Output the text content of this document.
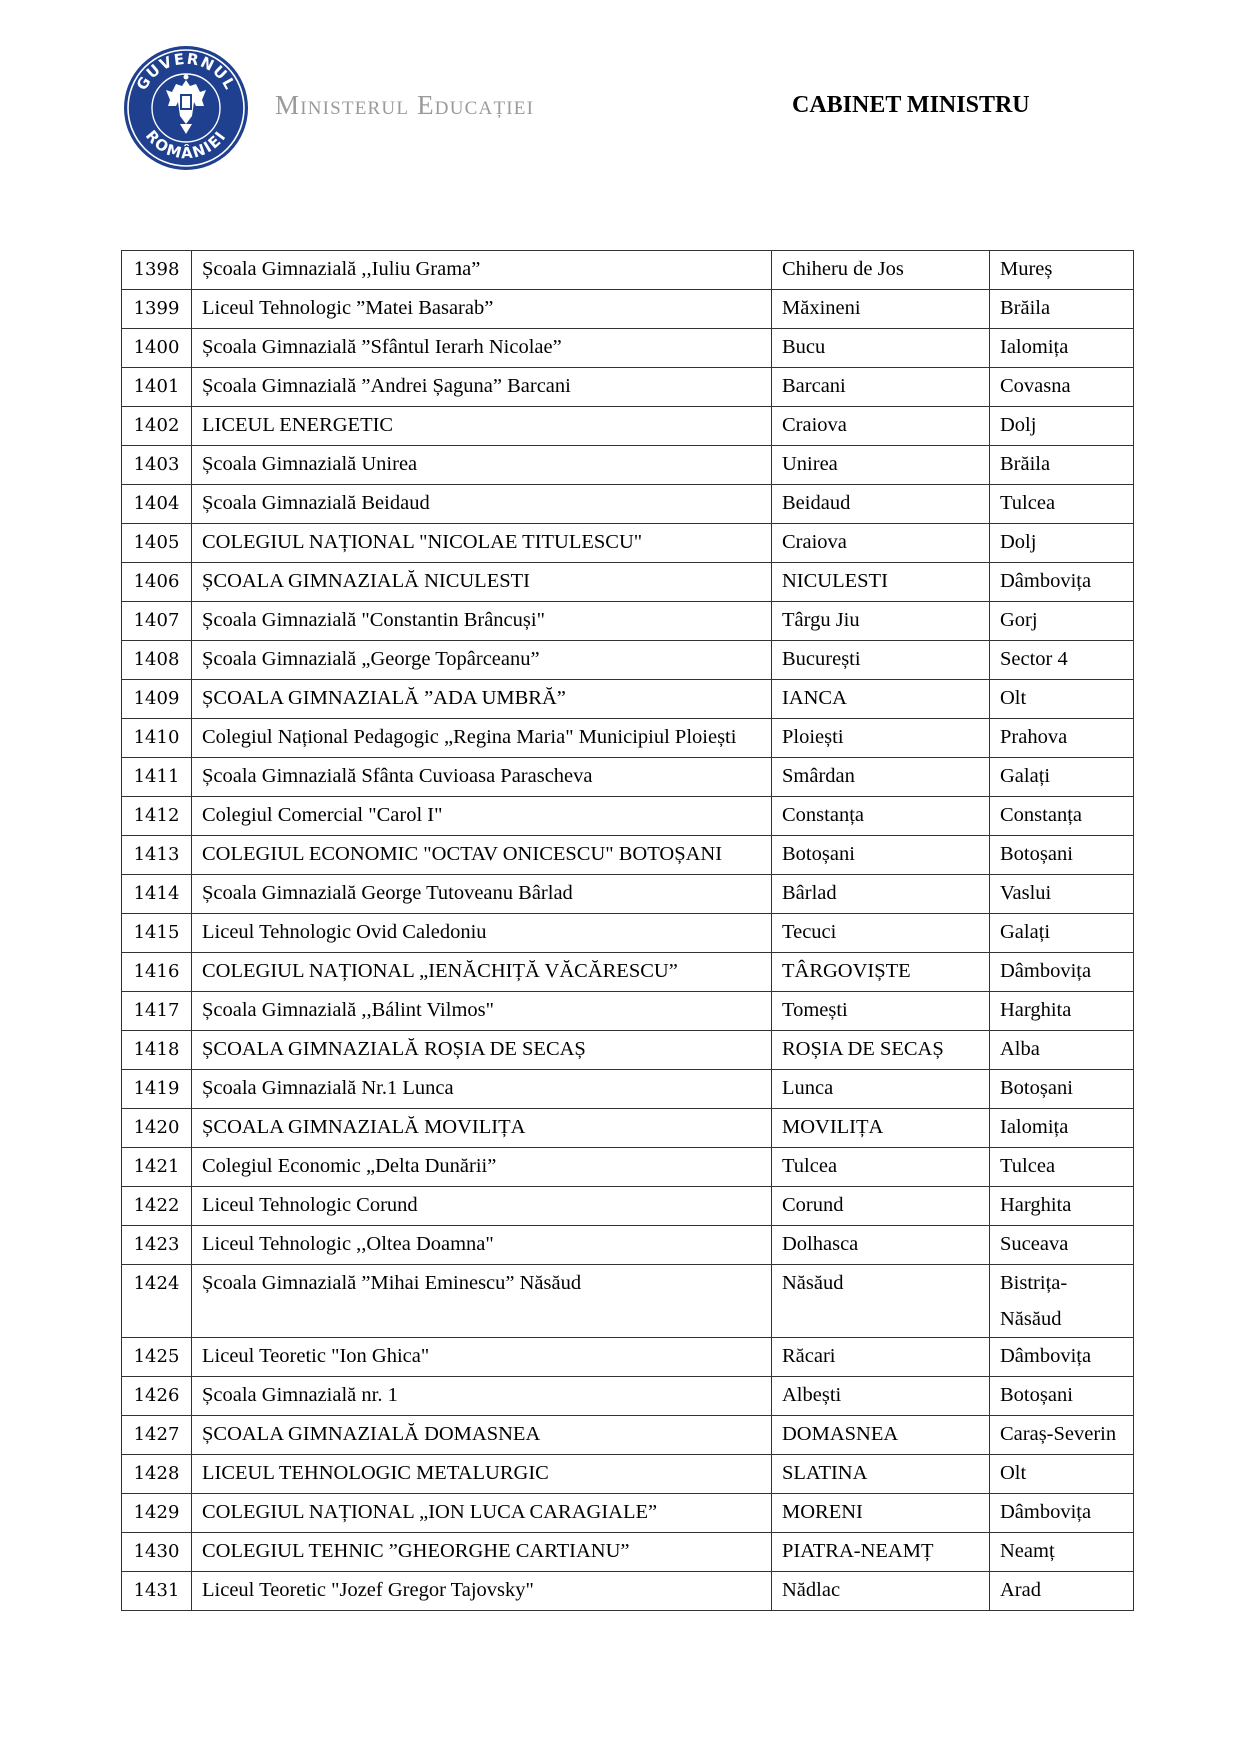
GUVERNUL
ROMÂNIEI
Ministerul Educației	CABINET MINISTRU
1398	Școala Gimnazială ,,Iuliu Grama”	Chiheru de Jos	Mureș
1399	Liceul Tehnologic ”Matei Basarab”	Măxineni	Brăila
1400	Școala Gimnazială ”Sfântul Ierarh Nicolae”	Bucu	Ialomița
1401	Școala Gimnazială ”Andrei Șaguna” Barcani	Barcani	Covasna
1402	LICEUL ENERGETIC	Craiova	Dolj
1403	Școala Gimnazială Unirea	Unirea	Brăila
1404	Școala Gimnazială Beidaud	Beidaud	Tulcea
1405	COLEGIUL NAȚIONAL "NICOLAE TITULESCU"	Craiova	Dolj
1406	ȘCOALA GIMNAZIALĂ NICULESTI	NICULESTI	Dâmbovița
1407	Școala Gimnazială "Constantin Brâncuși"	Târgu Jiu	Gorj
1408	Școala Gimnazială „George Topârceanu”	București	Sector 4
1409	ȘCOALA GIMNAZIALĂ ”ADA UMBRĂ”	IANCA	Olt
1410	Colegiul Național Pedagogic „Regina Maria" Municipiul Ploiești	Ploiești	Prahova
1411	Școala Gimnazială Sfânta Cuvioasa Parascheva	Smârdan	Galați
1412	Colegiul Comercial "Carol I"	Constanța	Constanța
1413	COLEGIUL ECONOMIC "OCTAV ONICESCU" BOTOȘANI	Botoșani	Botoșani
1414	Școala Gimnazială George Tutoveanu Bârlad	Bârlad	Vaslui
1415	Liceul Tehnologic Ovid Caledoniu	Tecuci	Galați
1416	COLEGIUL NAȚIONAL „IENĂCHIȚĂ VĂCĂRESCU”	TÂRGOVIȘTE	Dâmbovița
1417	Școala Gimnazială ,,Bálint Vilmos"	Tomești	Harghita
1418	ȘCOALA GIMNAZIALĂ ROȘIA DE SECAȘ	ROȘIA DE SECAȘ	Alba
1419	Școala Gimnazială Nr.1 Lunca	Lunca	Botoșani
1420	ȘCOALA GIMNAZIALĂ MOVILIȚA	MOVILIȚA	Ialomița
1421	Colegiul Economic „Delta Dunării”	Tulcea	Tulcea
1422	Liceul Tehnologic Corund	Corund	Harghita
1423	Liceul Tehnologic ,,Oltea Doamna"	Dolhasca	Suceava
1424	Școala Gimnazială ”Mihai Eminescu” Năsăud	Năsăud	Bistrița-Năsăud
1425	Liceul Teoretic "Ion Ghica"	Răcari	Dâmbovița
1426	Școala Gimnazială nr. 1	Albești	Botoșani
1427	ȘCOALA GIMNAZIALĂ DOMASNEA	DOMASNEA	Caraș-Severin
1428	LICEUL TEHNOLOGIC METALURGIC	SLATINA	Olt
1429	COLEGIUL NAȚIONAL „ION LUCA CARAGIALE”	MORENI	Dâmbovița
1430	COLEGIUL TEHNIC ”GHEORGHE CARTIANU”	PIATRA-NEAMȚ	Neamț
1431	Liceul Teoretic "Jozef Gregor Tajovsky"	Nădlac	Arad
